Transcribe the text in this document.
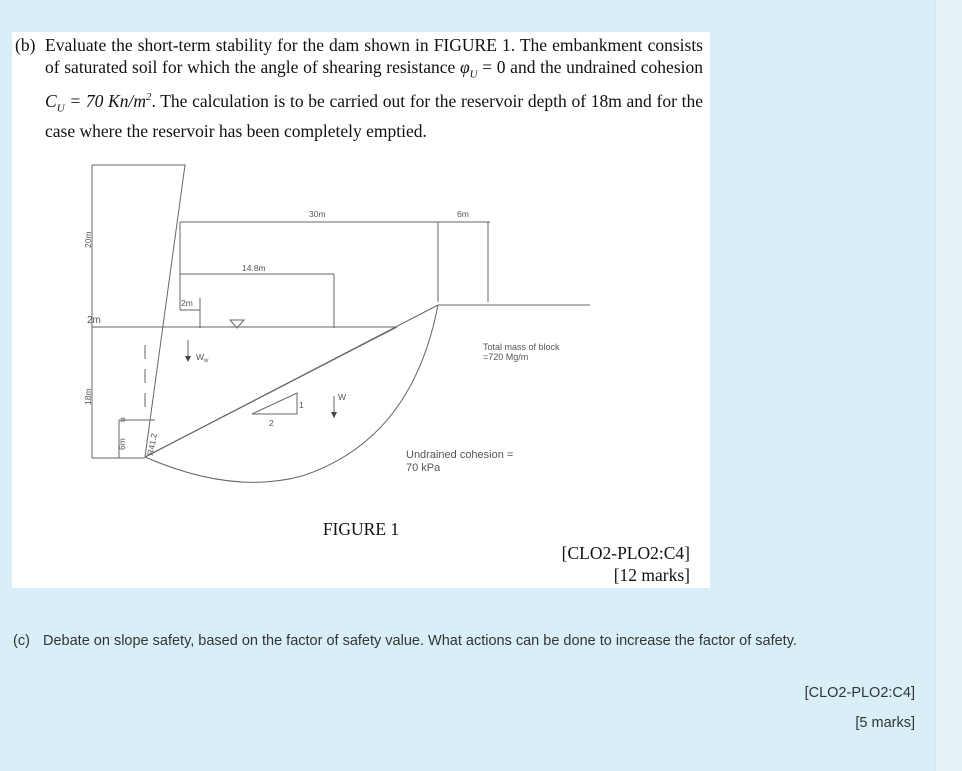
(b) Evaluate the short-term stability for the dam shown in FIGURE 1. The embankment consists of saturated soil for which the angle of shearing resistance $\varphi_U = 0$ and the undrained cohesion $C_U = 70$ $Kn/m^2$. The calculation is to be carried out for the reservoir depth of 18m and for the case where the reservoir has been completely emptied.
30m	6m
14.8m
2m
2m
20m
18m
6m
u
R41.2
$W_w$
W
1
2
Total mass of block
=720 Mg/m
Undrained cohesion =
70 kPa
FIGURE 1
[CLO2-PLO2:C4]
[12 marks]
(c) Debate on slope safety, based on the factor of safety value. What actions can be done to increase the factor of safety.
[CLO2-PLO2:C4]
[5 marks]
